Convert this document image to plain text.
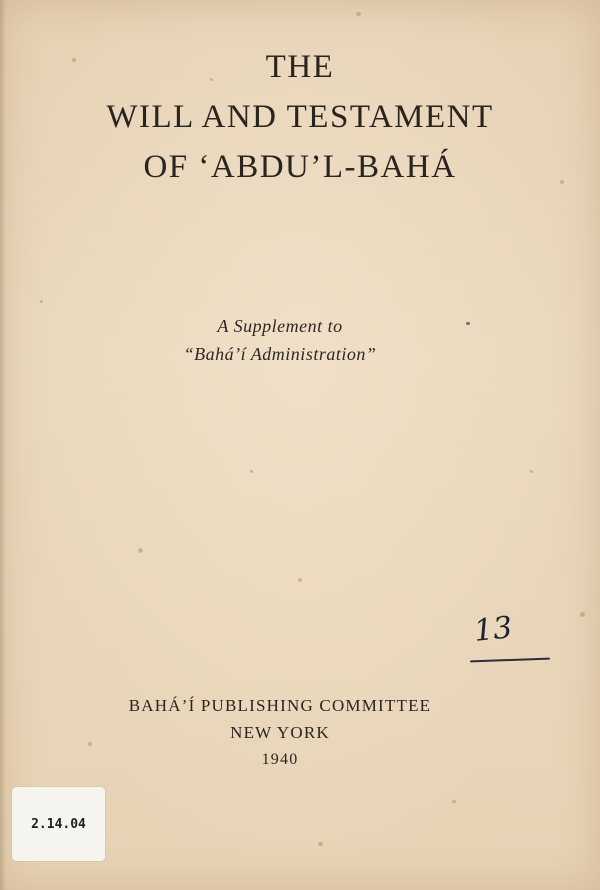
THE
WILL AND TESTAMENT
OF ‘ABDU’L-BAHÁ
A Supplement to
“Bahá’í Administration”
13
BAHÁ’Í PUBLISHING COMMITTEE
NEW YORK
1940
2.14.04
